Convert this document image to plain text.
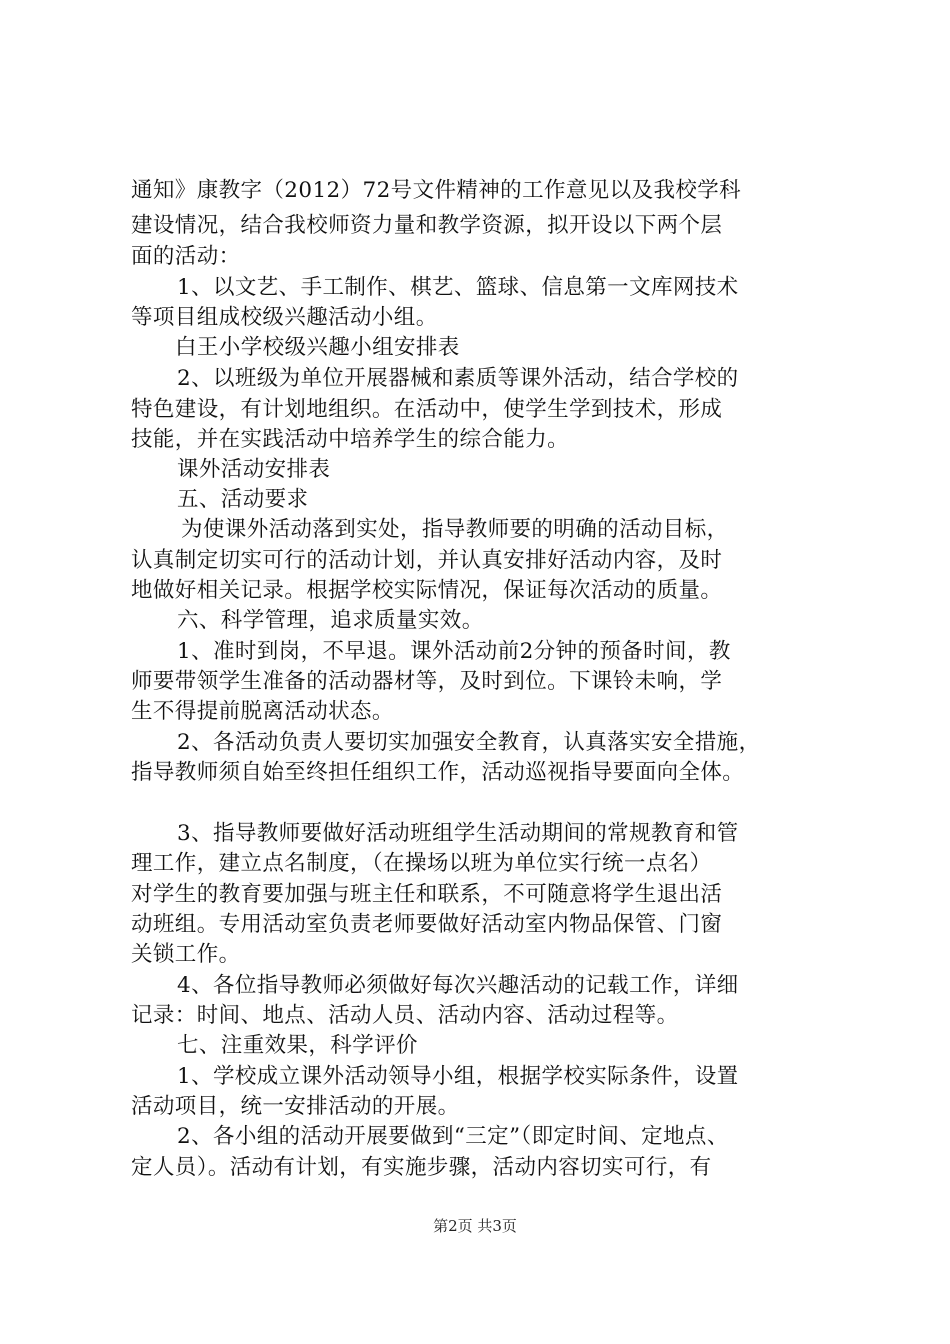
通知》康教字（2012）72号文件精神的工作意见以及我校学科
建设情况，结合我校师资力量和教学资源，拟开设以下两个层
面的活动：
1、以文艺、手工制作、棋艺、篮球、信息第一文库网技术
等项目组成校级兴趣活动小组。
白王小学校级兴趣小组安排表
2、以班级为单位开展器械和素质等课外活动，结合学校的
特色建设，有计划地组织。在活动中，使学生学到技术，形成
技能，并在实践活动中培养学生的综合能力。
课外活动安排表
五、活动要求
为使课外活动落到实处，指导教师要的明确的活动目标，
认真制定切实可行的活动计划，并认真安排好活动内容，及时
地做好相关记录。根据学校实际情况，保证每次活动的质量。
六、科学管理，追求质量实效。
1、准时到岗，不早退。课外活动前2分钟的预备时间，教
师要带领学生准备的活动器材等，及时到位。下课铃未响，学
生不得提前脱离活动状态。
2、各活动负责人要切实加强安全教育，认真落实安全措施，
指导教师须自始至终担任组织工作，活动巡视指导要面向全体。
3、指导教师要做好活动班组学生活动期间的常规教育和管
理工作，建立点名制度，（在操场以班为单位实行统一点名）
对学生的教育要加强与班主任和联系，不可随意将学生退出活
动班组。专用活动室负责老师要做好活动室内物品保管、门窗
关锁工作。
4、各位指导教师必须做好每次兴趣活动的记载工作，详细
记录：时间、地点、活动人员、活动内容、活动过程等。
七、注重效果，科学评价
1、学校成立课外活动领导小组，根据学校实际条件，设置
活动项目，统一安排活动的开展。
2、各小组的活动开展要做到“三定”（即定时间、定地点、
定人员）。活动有计划，有实施步骤，活动内容切实可行，有
第2页 共3页
